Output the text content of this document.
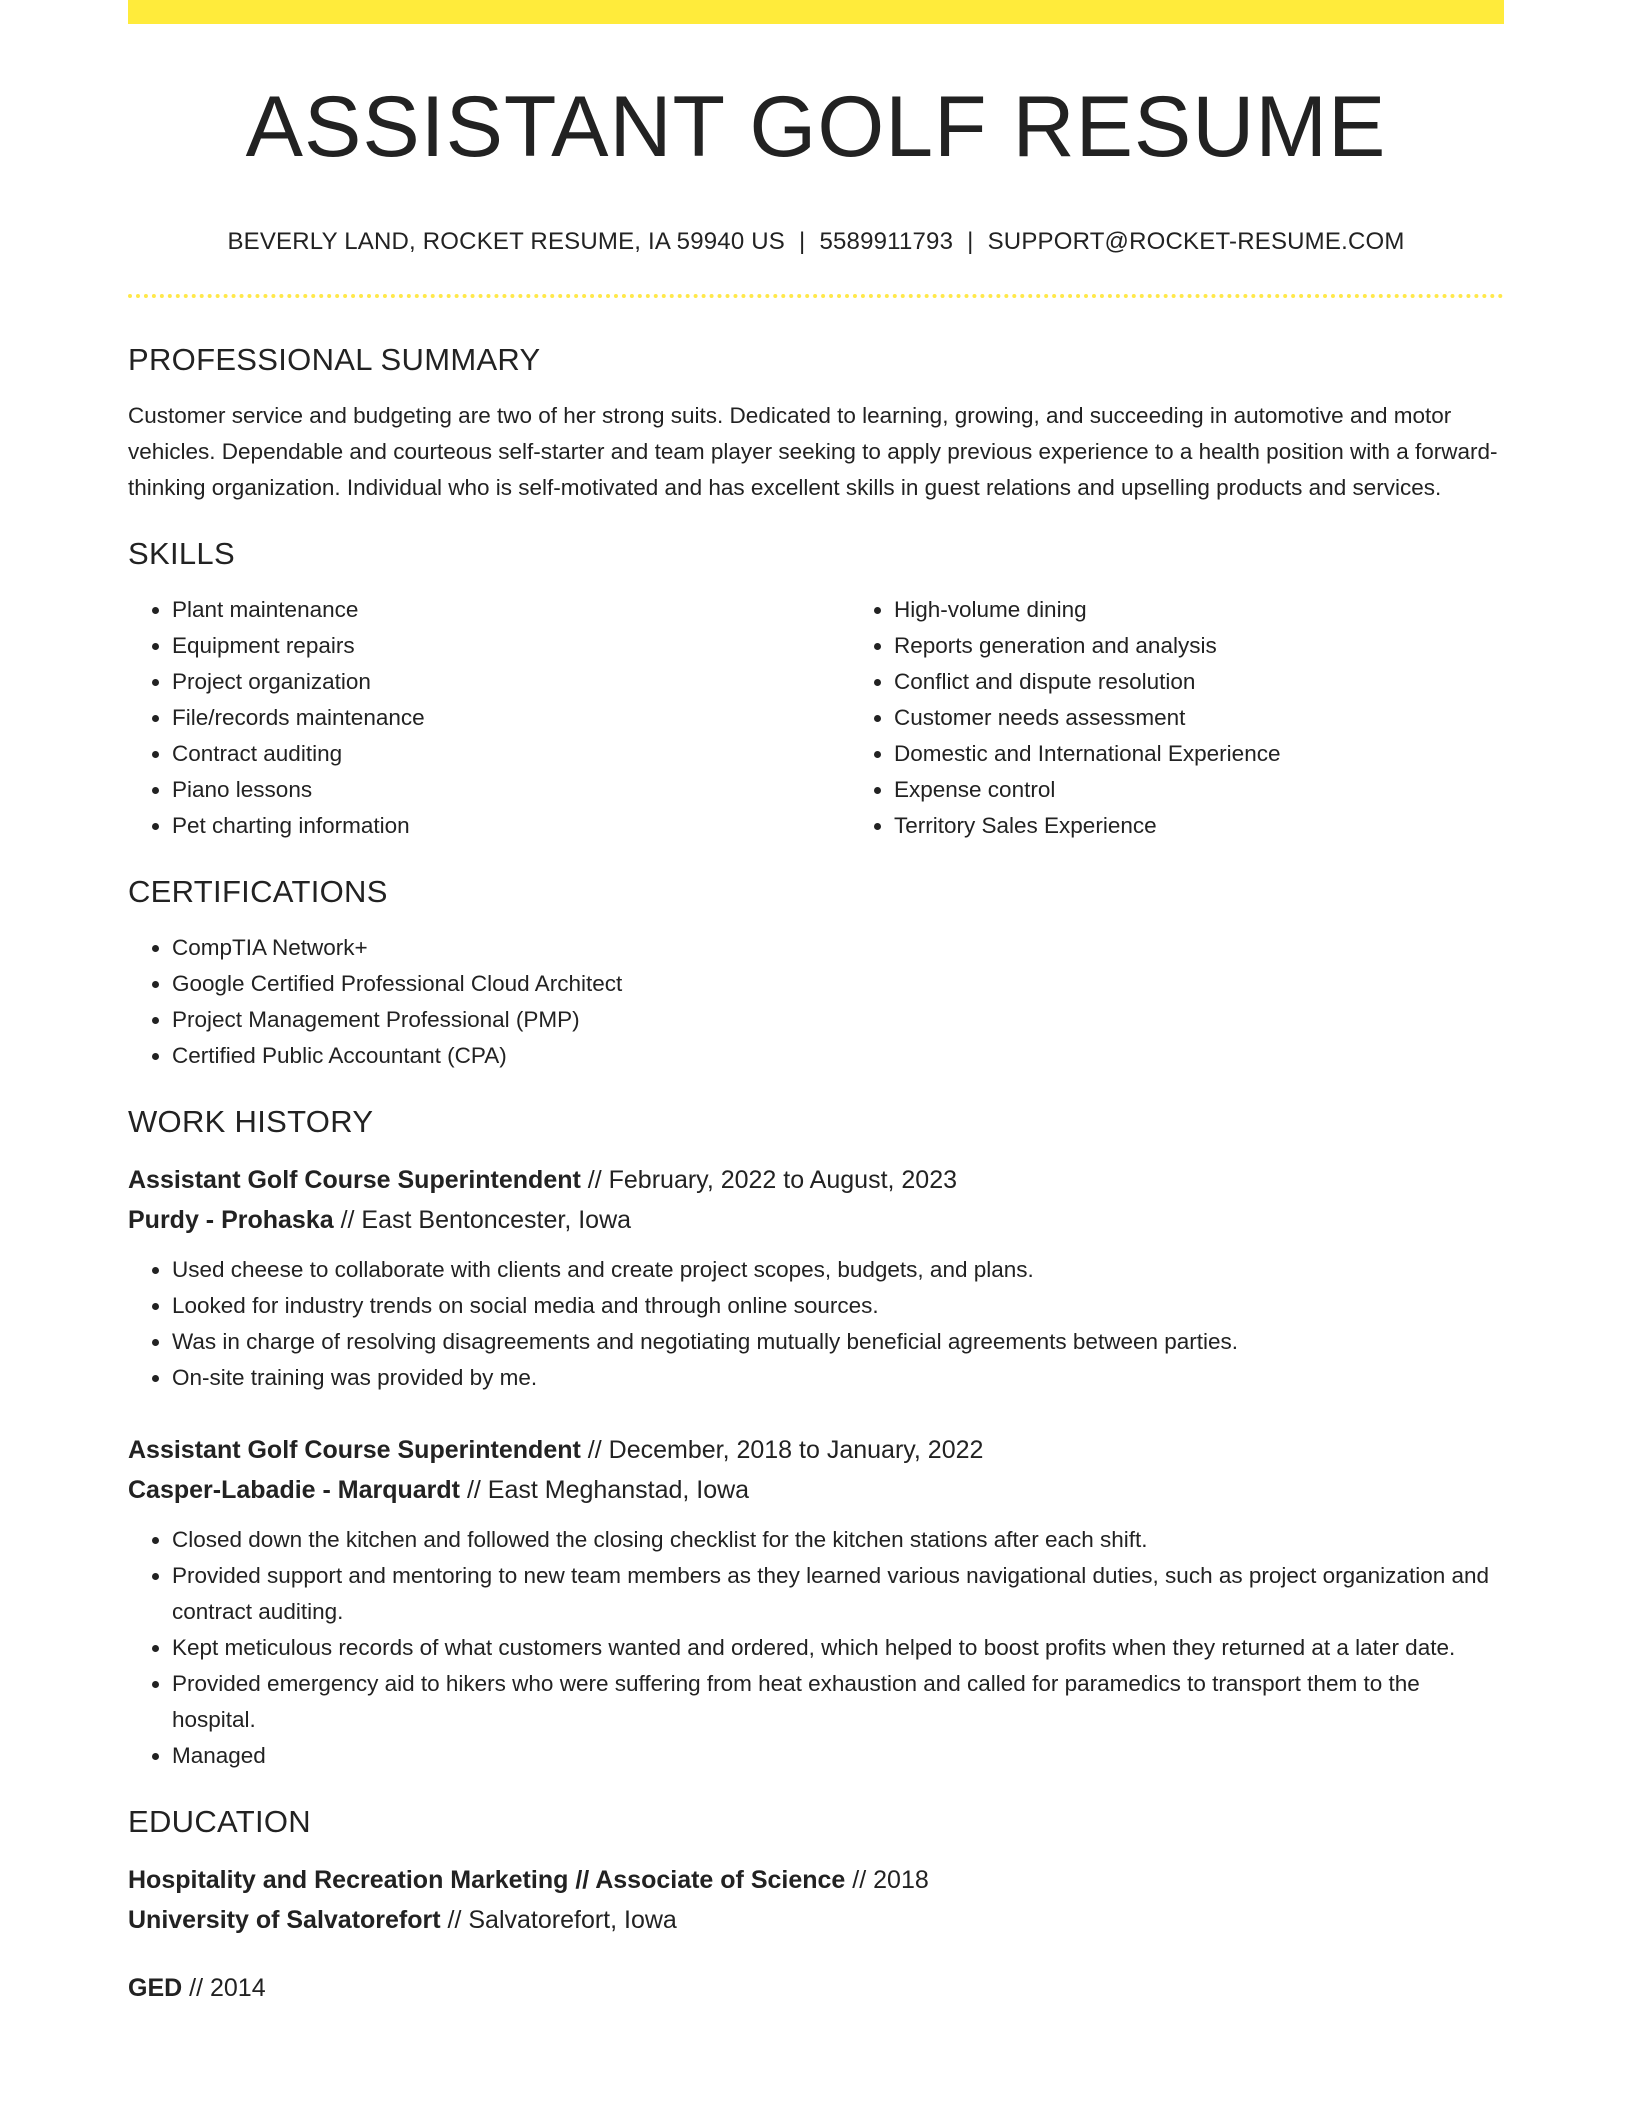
ASSISTANT GOLF RESUME
BEVERLY LAND, ROCKET RESUME, IA 59940 US | 5589911793 | SUPPORT@ROCKET-RESUME.COM
PROFESSIONAL SUMMARY

Customer service and budgeting are two of her strong suits. Dedicated to learning, growing, and succeeding in automotive and motor vehicles. Dependable and courteous self-starter and team player seeking to apply previous experience to a health position with a forward-thinking organization. Individual who is self-motivated and has excellent skills in guest relations and upselling products and services.

SKILLS
• Plant maintenance
• Equipment repairs
• Project organization
• File/records maintenance
• Contract auditing
• Piano lessons
• Pet charting information
• High-volume dining
• Reports generation and analysis
• Conflict and dispute resolution
• Customer needs assessment
• Domestic and International Experience
• Expense control
• Territory Sales Experience
CERTIFICATIONS
• CompTIA Network+
• Google Certified Professional Cloud Architect
• Project Management Professional (PMP)
• Certified Public Accountant (CPA)
WORK HISTORY
Assistant Golf Course Superintendent // February, 2022 to August, 2023
Purdy - Prohaska // East Bentoncester, Iowa
• Used cheese to collaborate with clients and create project scopes, budgets, and plans.
• Looked for industry trends on social media and through online sources.
• Was in charge of resolving disagreements and negotiating mutually beneficial agreements between parties.
• On-site training was provided by me.
Assistant Golf Course Superintendent // December, 2018 to January, 2022
Casper-Labadie - Marquardt // East Meghanstad, Iowa
• Closed down the kitchen and followed the closing checklist for the kitchen stations after each shift.
• Provided support and mentoring to new team members as they learned various navigational duties, such as project organization and contract auditing.
• Kept meticulous records of what customers wanted and ordered, which helped to boost profits when they returned at a later date.
• Provided emergency aid to hikers who were suffering from heat exhaustion and called for paramedics to transport them to the hospital.
• Managed
EDUCATION
Hospitality and Recreation Marketing // Associate of Science // 2018
University of Salvatorefort // Salvatorefort, Iowa
GED // 2014
